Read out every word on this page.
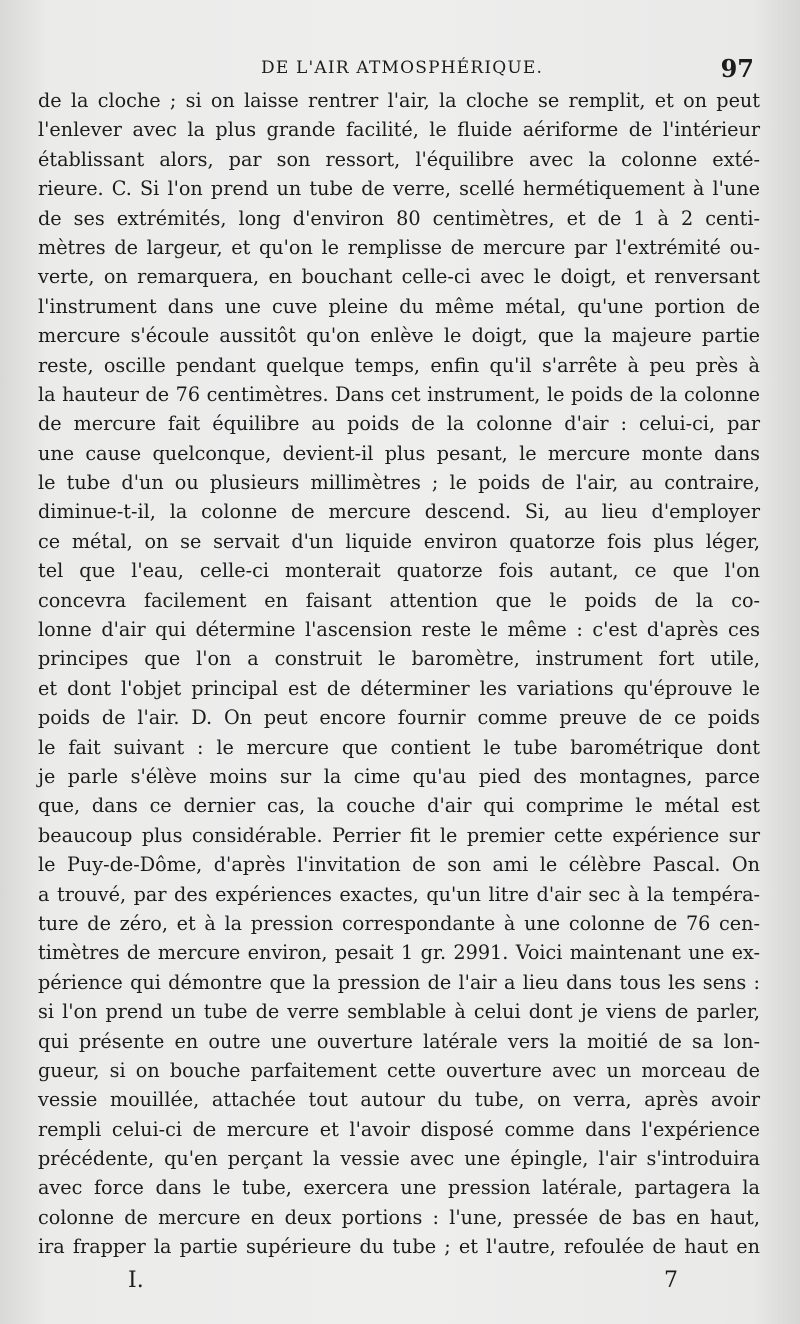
DE L'AIR ATMOSPHÉRIQUE.	97
de la cloche ; si on laisse rentrer l'air, la cloche se remplit, et on peut
l'enlever avec la plus grande facilité, le fluide aériforme de l'intérieur
établissant alors, par son ressort, l'équilibre avec la colonne exté-
rieure. C. Si l'on prend un tube de verre, scellé hermétiquement à l'une
de ses extrémités, long d'environ 80 centimètres, et de 1 à 2 centi-
mètres de largeur, et qu'on le remplisse de mercure par l'extrémité ou-
verte, on remarquera, en bouchant celle-ci avec le doigt, et renversant
l'instrument dans une cuve pleine du même métal, qu'une portion de
mercure s'écoule aussitôt qu'on enlève le doigt, que la majeure partie
reste, oscille pendant quelque temps, enfin qu'il s'arrête à peu près à
la hauteur de 76 centimètres. Dans cet instrument, le poids de la colonne
de mercure fait équilibre au poids de la colonne d'air : celui-ci, par
une cause quelconque, devient-il plus pesant, le mercure monte dans
le tube d'un ou plusieurs millimètres ; le poids de l'air, au contraire,
diminue-t-il, la colonne de mercure descend. Si, au lieu d'employer
ce métal, on se servait d'un liquide environ quatorze fois plus léger,
tel que l'eau, celle-ci monterait quatorze fois autant, ce que l'on
concevra facilement en faisant attention que le poids de la co-
lonne d'air qui détermine l'ascension reste le même : c'est d'après ces
principes que l'on a construit le baromètre, instrument fort utile,
et dont l'objet principal est de déterminer les variations qu'éprouve le
poids de l'air. D. On peut encore fournir comme preuve de ce poids
le fait suivant : le mercure que contient le tube barométrique dont
je parle s'élève moins sur la cime qu'au pied des montagnes, parce
que, dans ce dernier cas, la couche d'air qui comprime le métal est
beaucoup plus considérable. Perrier fit le premier cette expérience sur
le Puy-de-Dôme, d'après l'invitation de son ami le célèbre Pascal. On
a trouvé, par des expériences exactes, qu'un litre d'air sec à la tempéra-
ture de zéro, et à la pression correspondante à une colonne de 76 cen-
timètres de mercure environ, pesait 1 gr. 2991. Voici maintenant une ex-
périence qui démontre que la pression de l'air a lieu dans tous les sens :
si l'on prend un tube de verre semblable à celui dont je viens de parler,
qui présente en outre une ouverture latérale vers la moitié de sa lon-
gueur, si on bouche parfaitement cette ouverture avec un morceau de
vessie mouillée, attachée tout autour du tube, on verra, après avoir
rempli celui-ci de mercure et l'avoir disposé comme dans l'expérience
précédente, qu'en perçant la vessie avec une épingle, l'air s'introduira
avec force dans le tube, exercera une pression latérale, partagera la
colonne de mercure en deux portions : l'une, pressée de bas en haut,
ira frapper la partie supérieure du tube ; et l'autre, refoulée de haut en
I.	7
